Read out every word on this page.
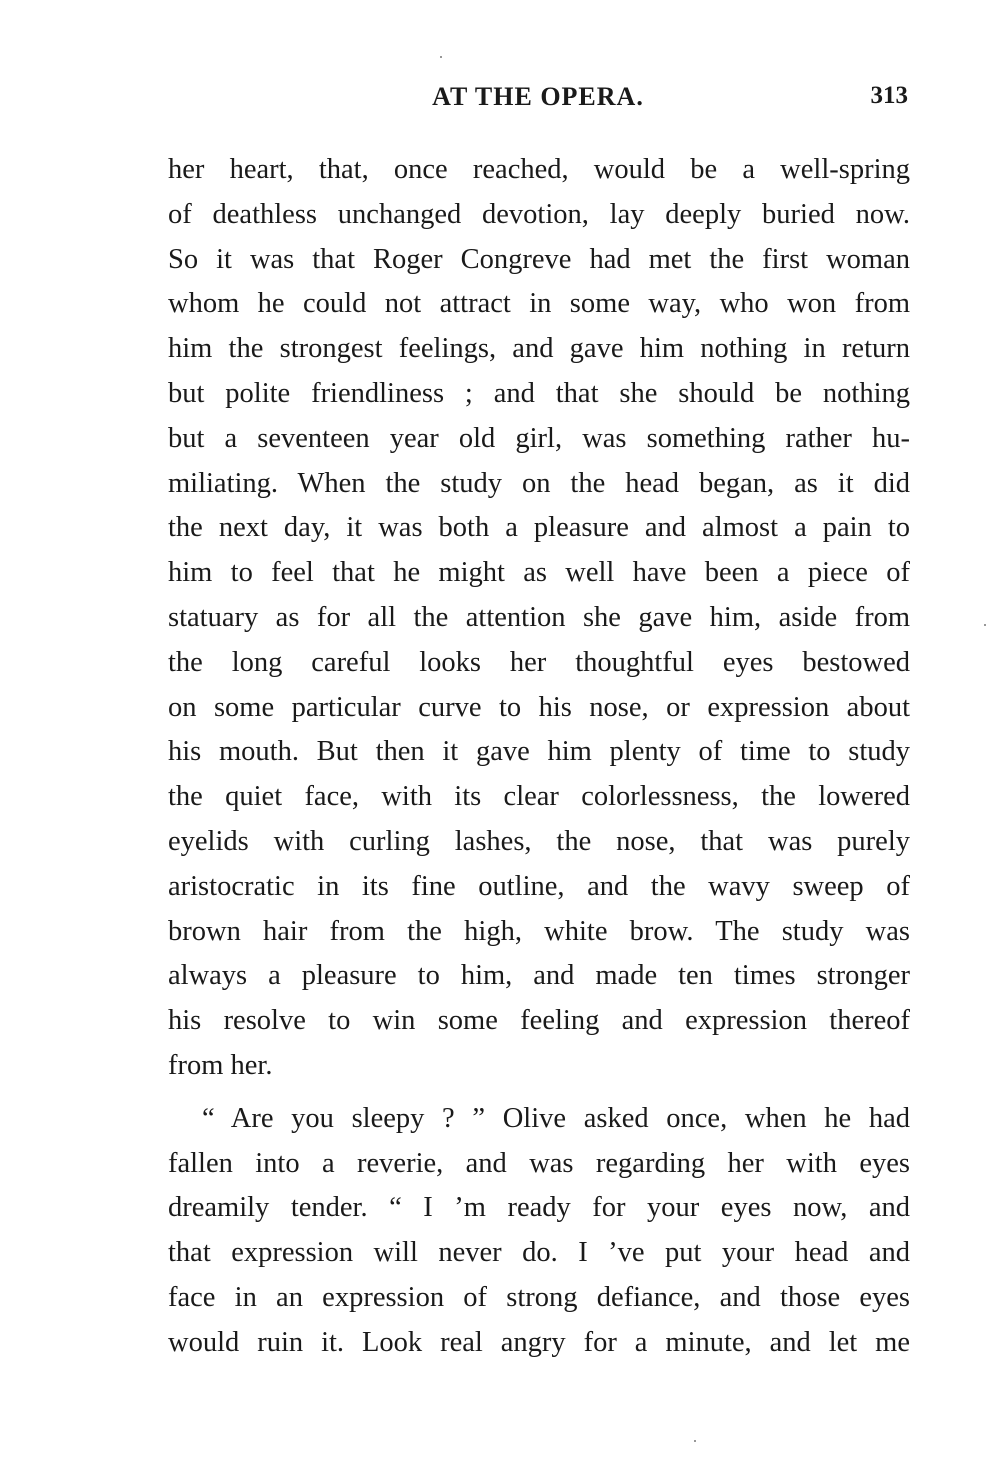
AT THE OPERA.	313
her heart, that, once reached, would be a well-spring
of deathless unchanged devotion, lay deeply buried now.
So it was that Roger Congreve had met the first woman
whom he could not attract in some way, who won from
him the strongest feelings, and gave him nothing in return
but polite friendliness ; and that she should be nothing
but a seventeen year old girl, was something rather hu-
miliating. When the study on the head began, as it did
the next day, it was both a pleasure and almost a pain to
him to feel that he might as well have been a piece of
statuary as for all the attention she gave him, aside from
the long careful looks her thoughtful eyes bestowed
on some particular curve to his nose, or expression about
his mouth. But then it gave him plenty of time to study
the quiet face, with its clear colorlessness, the lowered
eyelids with curling lashes, the nose, that was purely
aristocratic in its fine outline, and the wavy sweep of
brown hair from the high, white brow. The study was
always a pleasure to him, and made ten times stronger
his resolve to win some feeling and expression thereof
from her.
“ Are you sleepy ? ” Olive asked once, when he had
fallen into a reverie, and was regarding her with eyes
dreamily tender. “ I ’m ready for your eyes now, and
that expression will never do. I ’ve put your head and
face in an expression of strong defiance, and those eyes
would ruin it. Look real angry for a minute, and let me
